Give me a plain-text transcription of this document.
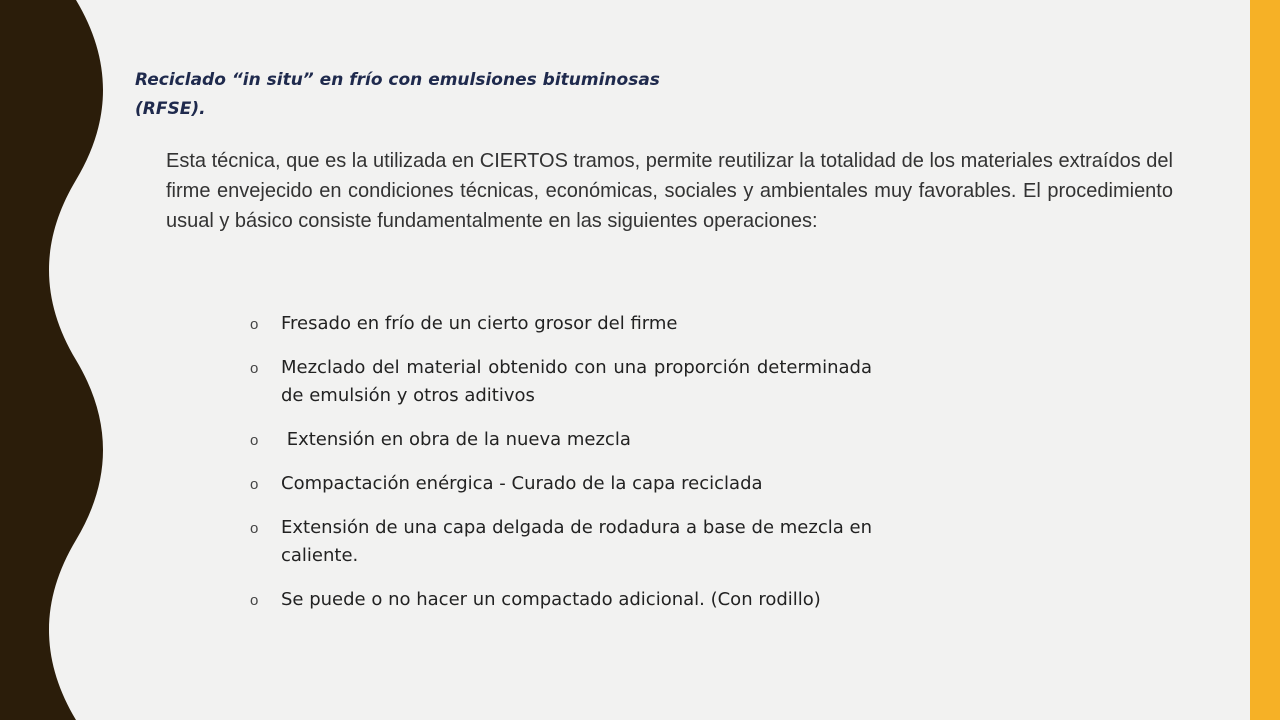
Reciclado “in situ” en frío con emulsiones bituminosas
(RFSE).

Esta técnica, que es la utilizada en CIERTOS tramos, permite reutilizar la totalidad de los materiales extraídos del firme envejecido en condiciones técnicas, económicas, sociales y ambientales muy favorables. El procedimiento usual y básico consiste fundamentalmente en las siguientes operaciones:

o Fresado en frío de un cierto grosor del firme
o Mezclado del material obtenido con una proporción determinada de emulsión y otros aditivos
o Extensión en obra de la nueva mezcla
o Compactación enérgica - Curado de la capa reciclada
o Extensión de una capa delgada de rodadura a base de mezcla en caliente.
o Se puede o no hacer un compactado adicional. (Con rodillo)
